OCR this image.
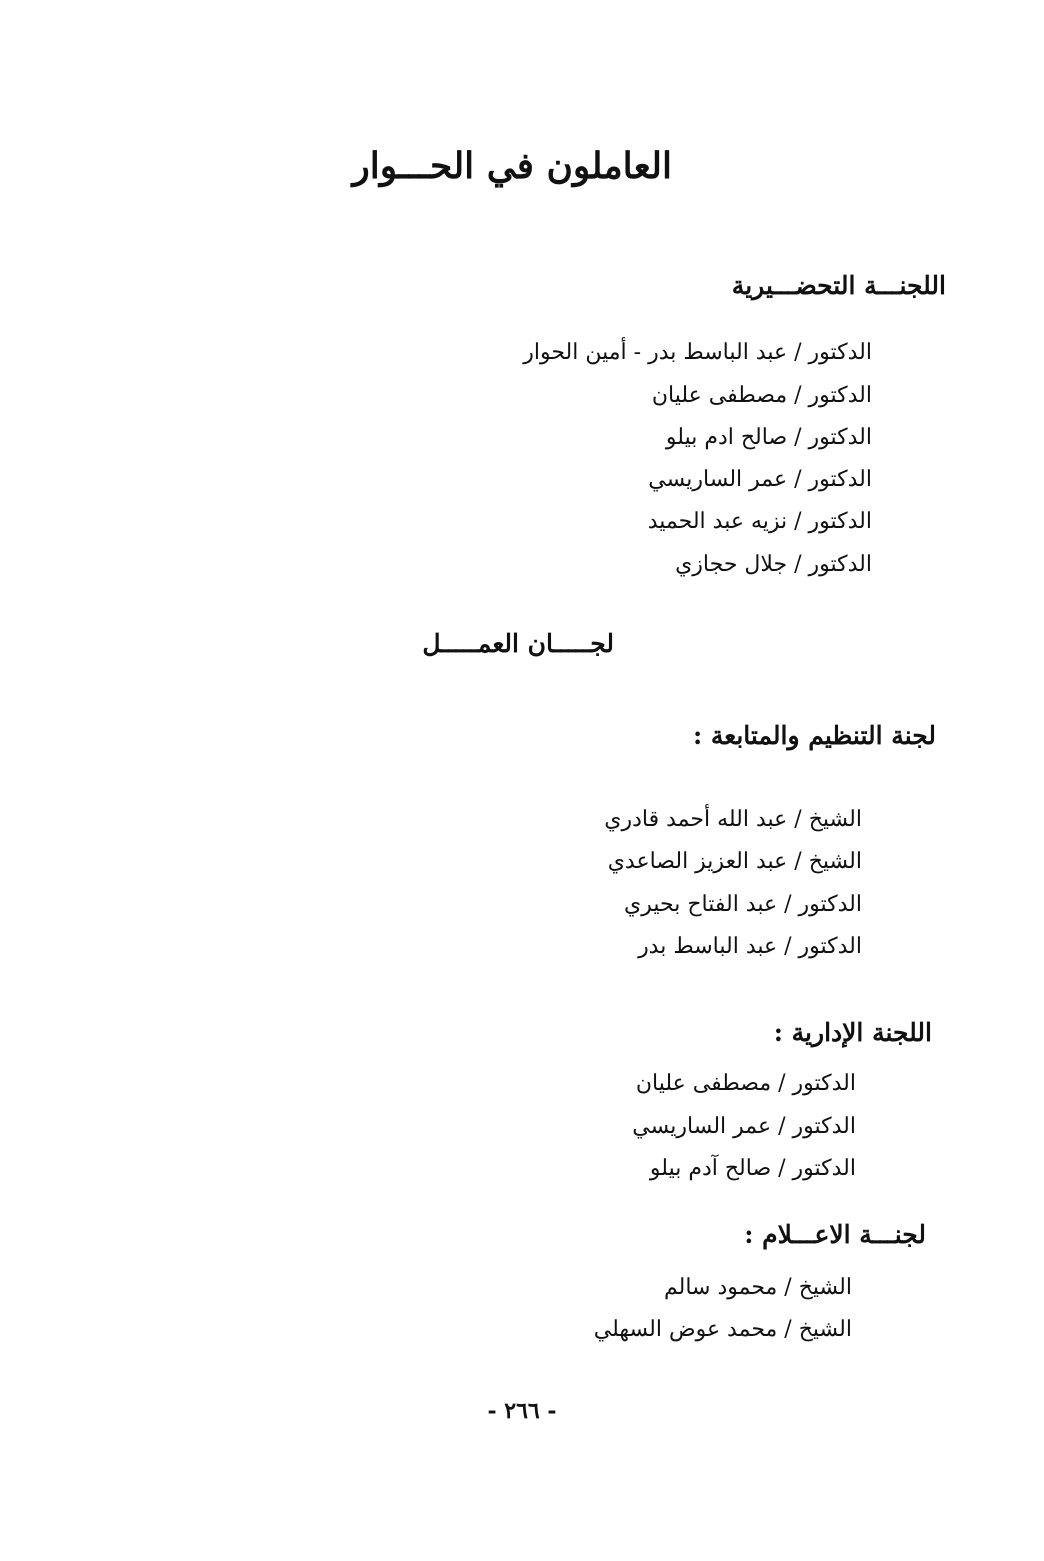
العاملون في الحـــوار
اللجنـــة التحضـــيرية
الدكتور / عبد الباسط بدر - أمين الحوار
الدكتور / مصطفى عليان
الدكتور / صالح ادم بيلو
الدكتور / عمر الساريسي
الدكتور / نزيه عبد الحميد
الدكتور / جلال حجازي
لجـــــان العمـــــل
لجنة التنظيم والمتابعة :
الشيخ / عبد الله أحمد قادري
الشيخ / عبد العزيز الصاعدي
الدكتور / عبد الفتاح بحيري
الدكتور / عبد الباسط بدر
اللجنة الإدارية :
الدكتور / مصطفى عليان
الدكتور / عمر الساريسي
الدكتور / صالح آدم بيلو
لجنـــة الاعـــلام :
الشيخ / محمود سالم
الشيخ / محمد عوض السهلي
- ٢٦٦ -
